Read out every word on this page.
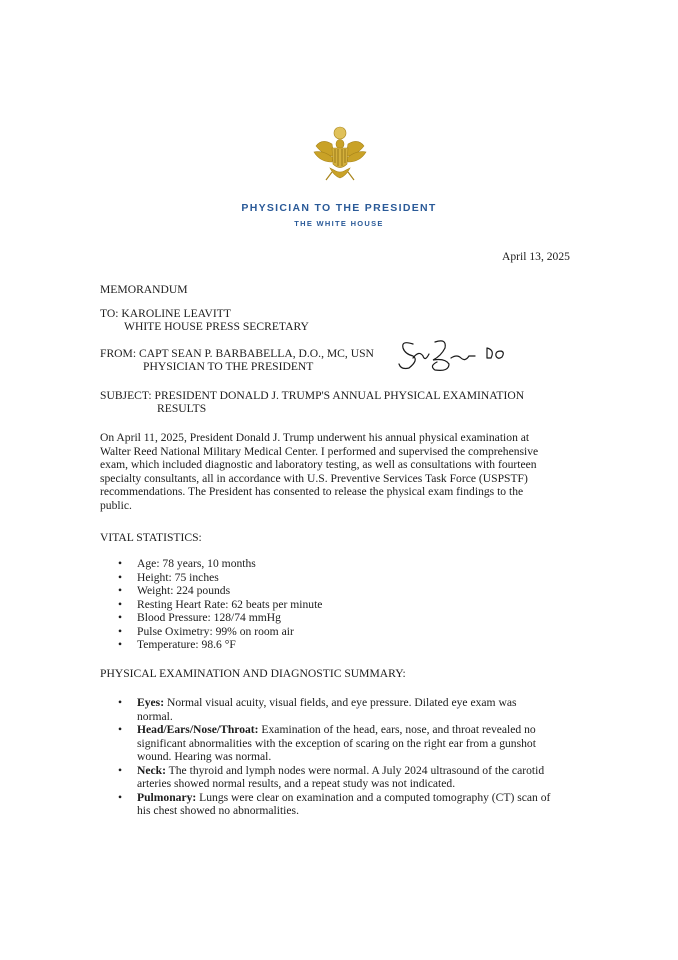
PHYSICIAN TO THE PRESIDENT
THE WHITE HOUSE
April 13, 2025
MEMORANDUM
TO: KAROLINE LEAVITT
WHITE HOUSE PRESS SECRETARY
FROM: CAPT SEAN P. BARBABELLA, D.O., MC, USN
PHYSICIAN TO THE PRESIDENT
SUBJECT: PRESIDENT DONALD J. TRUMP'S ANNUAL PHYSICAL EXAMINATION
RESULTS
On April 11, 2025, President Donald J. Trump underwent his annual physical examination at
Walter Reed National Military Medical Center. I performed and supervised the comprehensive
exam, which included diagnostic and laboratory testing, as well as consultations with fourteen
specialty consultants, all in accordance with U.S. Preventive Services Task Force (USPSTF)
recommendations. The President has consented to release the physical exam findings to the
public.
VITAL STATISTICS:
• Age: 78 years, 10 months
• Height: 75 inches
• Weight: 224 pounds
• Resting Heart Rate: 62 beats per minute
• Blood Pressure: 128/74 mmHg
• Pulse Oximetry: 99% on room air
• Temperature: 98.6 °F
PHYSICAL EXAMINATION AND DIAGNOSTIC SUMMARY:
• Eyes: Normal visual acuity, visual fields, and eye pressure. Dilated eye exam was
normal.
• Head/Ears/Nose/Throat: Examination of the head, ears, nose, and throat revealed no
significant abnormalities with the exception of scaring on the right ear from a gunshot
wound. Hearing was normal.
• Neck: The thyroid and lymph nodes were normal. A July 2024 ultrasound of the carotid
arteries showed normal results, and a repeat study was not indicated.
• Pulmonary: Lungs were clear on examination and a computed tomography (CT) scan of
his chest showed no abnormalities.
